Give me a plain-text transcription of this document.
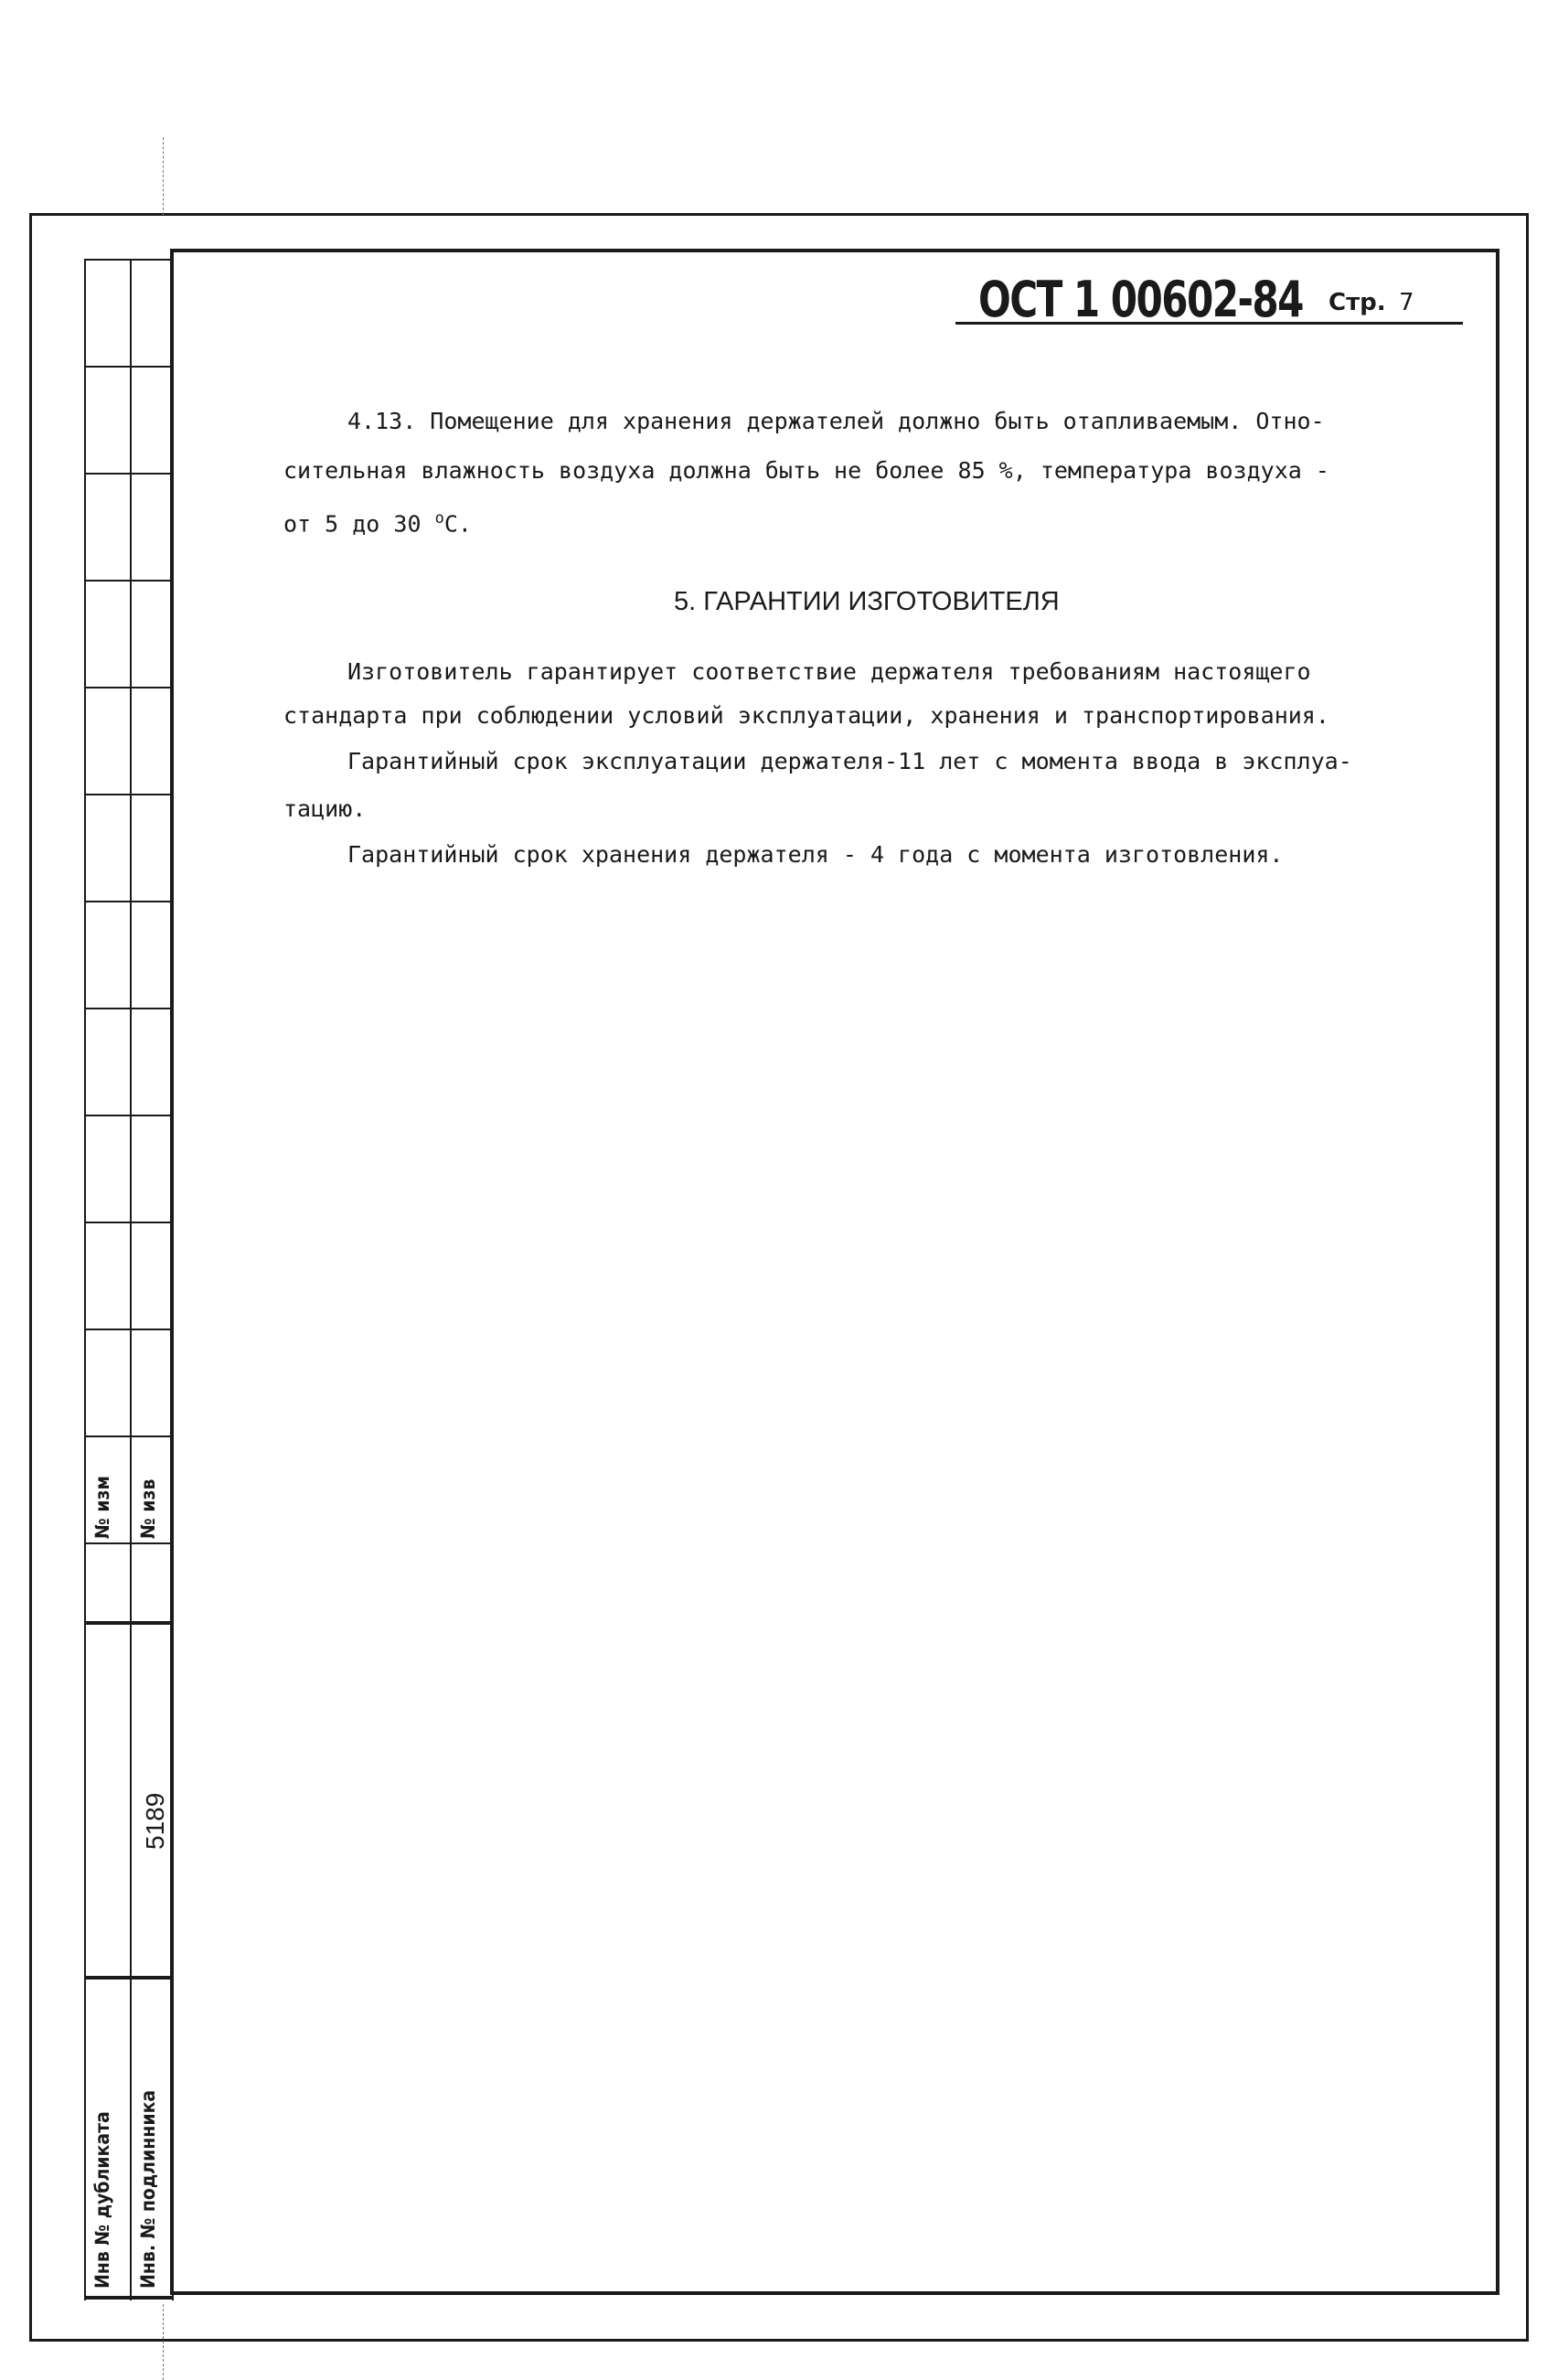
№ изм № изв
5189
Инв № дубликата Инв. № подлинника
ОСТ 1 00602-84 Стр. 7
4.13. Помещение для хранения держателей должно быть отапливаемым. Отно-
сительная влажность воздуха должна быть не более 85 %, температура воздуха -
от 5 до 30 $^о$С.
5. ГАРАНТИИ ИЗГОТОВИТЕЛЯ
Изготовитель гарантирует соответствие держателя требованиям настоящего
стандарта при соблюдении условий эксплуатации, хранения и транспортирования.
Гарантийный срок эксплуатации держателя-11 лет с момента ввода в эксплуа-
тацию.
Гарантийный срок хранения держателя - 4 года с момента изготовления.
